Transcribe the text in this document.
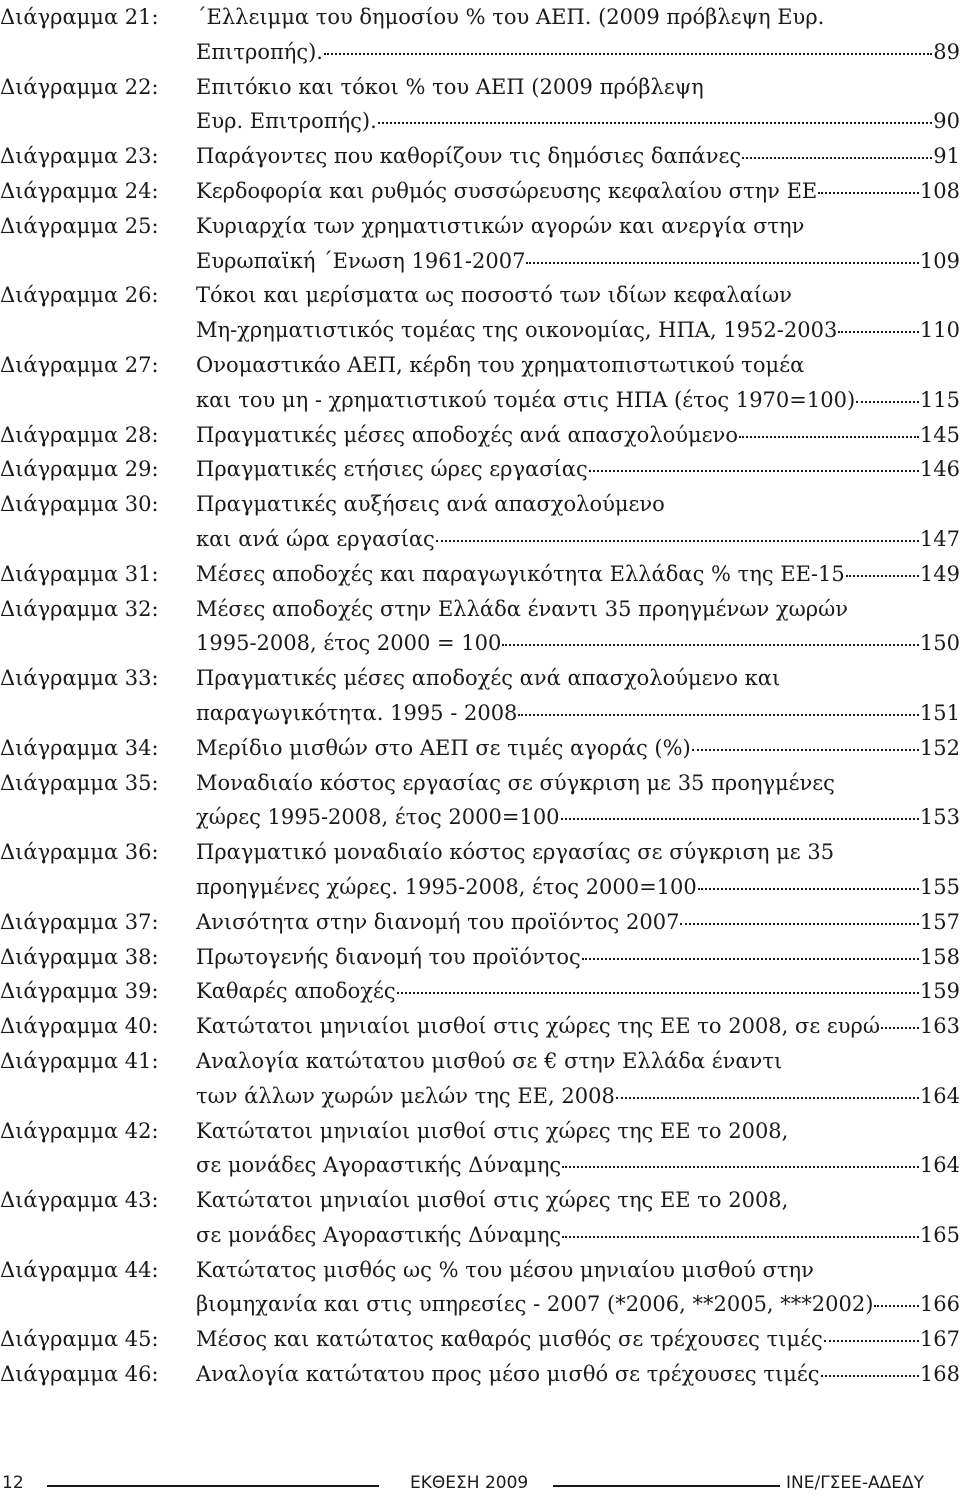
Διάγραμμα 21:	΄Ελλειμμα του δημοσίου % του ΑΕΠ. (2009 πρόβλεψη Ευρ.
Επιτροπής).	89
Διάγραμμα 22:	Επιτόκιο και τόκοι % του ΑΕΠ (2009 πρόβλεψη
Ευρ. Επιτροπής).	90
Διάγραμμα 23:	Παράγοντες που καθορίζουν τις δημόσιες δαπάνες	91
Διάγραμμα 24:	Κερδοφορία και ρυθμός συσσώρευσης κεφαλαίου στην ΕΕ	108
Διάγραμμα 25:	Κυριαρχία των χρηματιστικών αγορών και ανεργία στην
Ευρωπαϊκή ΄Ενωση 1961-2007	109
Διάγραμμα 26:	Τόκοι και μερίσματα ως ποσοστό των ιδίων κεφαλαίων
Μη-χρηματιστικός τομέας της οικονομίας, ΗΠΑ, 1952-2003	110
Διάγραμμα 27:	Ονομαστικάο ΑΕΠ, κέρδη του χρηματοπιστωτικού τομέα
και του μη - χρηματιστικού τομέα στις ΗΠΑ (έτος 1970=100)	115
Διάγραμμα 28:	Πραγματικές μέσες αποδοχές ανά απασχολούμενο	145
Διάγραμμα 29:	Πραγματικές ετήσιες ώρες εργασίας	146
Διάγραμμα 30:	Πραγματικές αυξήσεις ανά απασχολούμενο
και ανά ώρα εργασίας	147
Διάγραμμα 31:	Μέσες αποδοχές και παραγωγικότητα Ελλάδας % της ΕΕ-15	149
Διάγραμμα 32:	Μέσες αποδοχές στην Ελλάδα έναντι 35 προηγμένων χωρών
1995-2008, έτος 2000 = 100	150
Διάγραμμα 33:	Πραγματικές μέσες αποδοχές ανά απασχολούμενο και
παραγωγικότητα. 1995 - 2008	151
Διάγραμμα 34:	Μερίδιο μισθών στο ΑΕΠ σε τιμές αγοράς (%)	152
Διάγραμμα 35:	Μοναδιαίο κόστος εργασίας σε σύγκριση με 35 προηγμένες
χώρες 1995-2008, έτος 2000=100	153
Διάγραμμα 36:	Πραγματικό μοναδιαίο κόστος εργασίας σε σύγκριση με 35
προηγμένες χώρες. 1995-2008, έτος 2000=100	155
Διάγραμμα 37:	Ανισότητα στην διανομή του προϊόντος 2007	157
Διάγραμμα 38:	Πρωτογενής διανομή του προϊόντος	158
Διάγραμμα 39:	Καθαρές αποδοχές	159
Διάγραμμα 40:	Κατώτατοι μηνιαίοι μισθοί στις χώρες της ΕΕ το 2008, σε ευρώ 163
Διάγραμμα 41:	Αναλογία κατώτατου μισθού σε € στην Ελλάδα έναντι
των άλλων χωρών μελών της ΕΕ, 2008	164
Διάγραμμα 42:	Κατώτατοι μηνιαίοι μισθοί στις χώρες της ΕΕ το 2008,
σε μονάδες Αγοραστικής Δύναμης	164
Διάγραμμα 43:	Κατώτατοι μηνιαίοι μισθοί στις χώρες της ΕΕ το 2008,
σε μονάδες Αγοραστικής Δύναμης	165
Διάγραμμα 44:	Κατώτατος μισθός ως % του μέσου μηνιαίου μισθού στην
βιομηχανία και στις υπηρεσίες - 2007 (*2006, **2005, ***2002) 166
Διάγραμμα 45:	Μέσος και κατώτατος καθαρός μισθός σε τρέχουσες τιμές	167
Διάγραμμα 46:	Αναλογία κατώτατου προς μέσο μισθό σε τρέχουσες τιμές	168
12	ΕΚΘΕΣΗ 2009	ΙΝΕ/ΓΣΕΕ-ΑΔΕΔΥ
